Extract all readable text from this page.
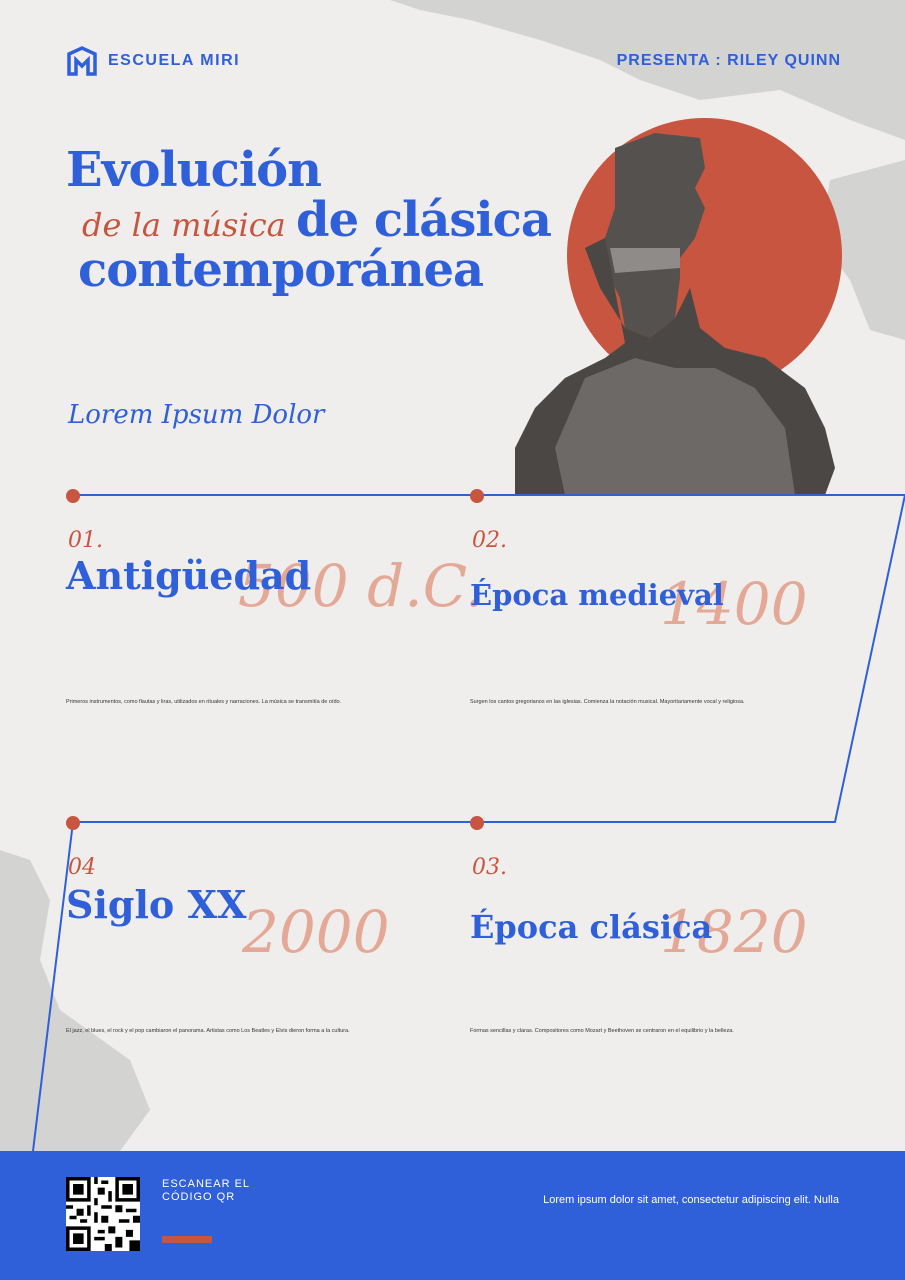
ESCUELA MIRI	PRESENTA : RILEY QUINN
Evolución
de la música de clásica
contemporánea
Lorem Ipsum Dolor
01.
500 d.C.
Antigüedad
Primeros instrumentos, como flautas y liras, utilizados en rituales y narraciones. La música se transmitía de oído.
02.
1400
Época medieval
Surgen los cantos gregorianos en las iglesias. Comienza la notación musical. Mayoritariamente vocal y religiosa.
04
2000
Siglo XX
El jazz, el blues, el rock y el pop cambiaron el panorama. Artistas como Los Beatles y Elvis dieron forma a la cultura.
03.
1820
Época clásica
Formas sencillas y claras. Compositores como Mozart y Beethoven se centraron en el equilibrio y la belleza.
ESCANEAR EL CÓDIGO QR	Lorem ipsum dolor sit amet, consectetur adipiscing elit. Nulla
